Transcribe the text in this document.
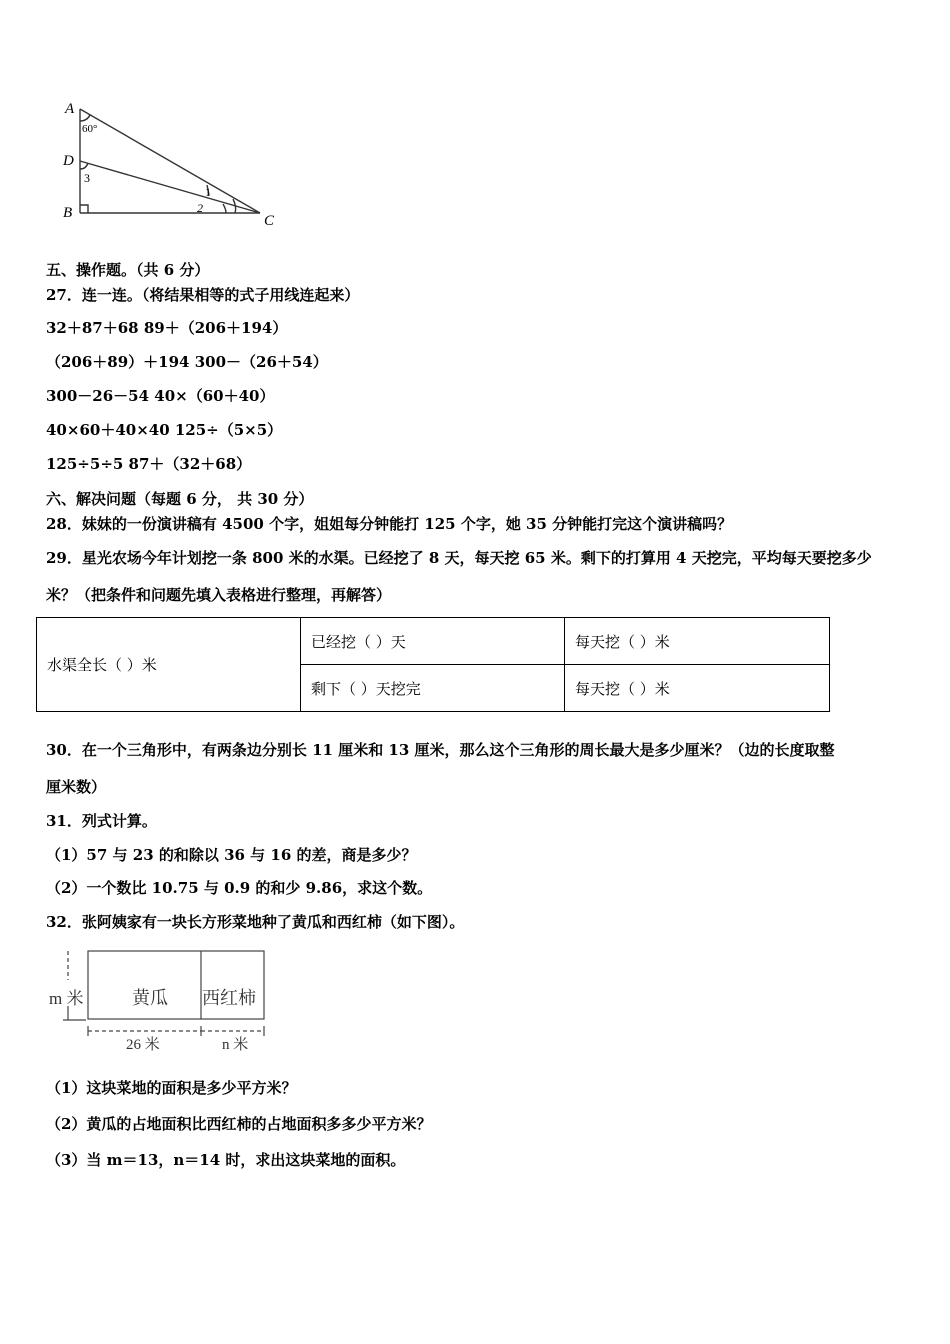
A
60°
D
3
B
1
2
C
五、操作题。（共 6 分）
27．连一连。（将结果相等的式子用线连起来）
32＋87＋68 89＋（206＋194）
（206＋89）＋194 300－（26＋54）
300－26－54 40×（60＋40）
40×60＋40×40 125÷（5×5）
125÷5÷5 87＋（32＋68）
六、解决问题（每题 6 分， 共 30 分）
28．妹妹的一份演讲稿有 4500 个字，姐姐每分钟能打 125 个字，她 35 分钟能打完这个演讲稿吗？
29．星光农场今年计划挖一条 800 米的水渠。已经挖了 8 天，每天挖 65 米。剩下的打算用 4 天挖完，平均每天要挖多少
米？（把条件和问题先填入表格进行整理，再解答）
水渠全长（ ）米	已经挖（ ）天	每天挖（ ）米
	剩下（ ）天挖完	每天挖（ ）米
30．在一个三角形中，有两条边分别长 11 厘米和 13 厘米，那么这个三角形的周长最大是多少厘米？（边的长度取整
厘米数）
31．列式计算。
（1）57 与 23 的和除以 36 与 16 的差，商是多少？
（2）一个数比 10.75 与 0.9 的和少 9.86，求这个数。
32．张阿姨家有一块长方形菜地种了黄瓜和西红柿（如下图）。
m 米	黄瓜 西红柿
26 米	n 米
（1）这块菜地的面积是多少平方米？
（2）黄瓜的占地面积比西红柿的占地面积多多少平方米？
（3）当 m＝13，n＝14 时，求出这块菜地的面积。
